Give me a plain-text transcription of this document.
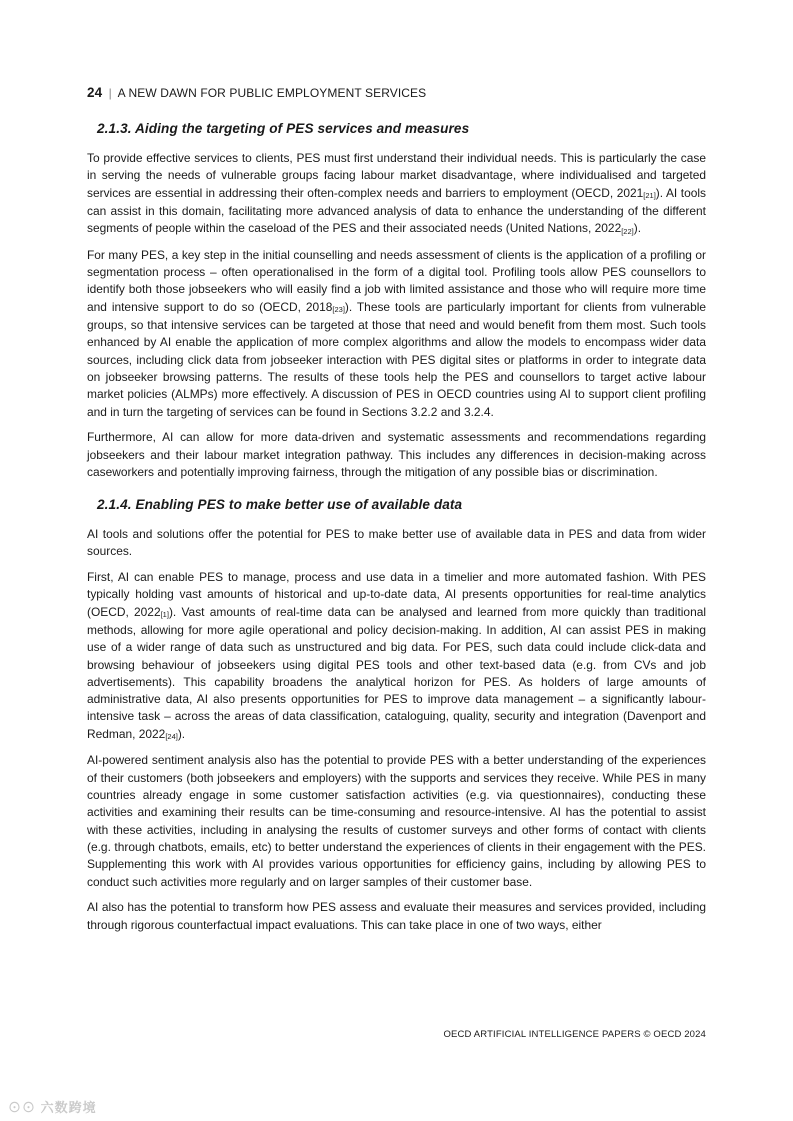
24 | A NEW DAWN FOR PUBLIC EMPLOYMENT SERVICES
2.1.3. Aiding the targeting of PES services and measures

To provide effective services to clients, PES must first understand their individual needs. This is particularly the case in serving the needs of vulnerable groups facing labour market disadvantage, where individualised and targeted services are essential in addressing their often-complex needs and barriers to employment (OECD, 2021[21]). AI tools can assist in this domain, facilitating more advanced analysis of data to enhance the understanding of the different segments of people within the caseload of the PES and their associated needs (United Nations, 2022[22]).

For many PES, a key step in the initial counselling and needs assessment of clients is the application of a profiling or segmentation process – often operationalised in the form of a digital tool. Profiling tools allow PES counsellors to identify both those jobseekers who will easily find a job with limited assistance and those who will require more time and intensive support to do so (OECD, 2018[23]). These tools are particularly important for clients from vulnerable groups, so that intensive services can be targeted at those that need and would benefit from them most. Such tools enhanced by AI enable the application of more complex algorithms and allow the models to encompass wider data sources, including click data from jobseeker interaction with PES digital sites or platforms in order to integrate data on jobseeker browsing patterns. The results of these tools help the PES and counsellors to target active labour market policies (ALMPs) more effectively. A discussion of PES in OECD countries using AI to support client profiling and in turn the targeting of services can be found in Sections 3.2.2 and 3.2.4.

Furthermore, AI can allow for more data-driven and systematic assessments and recommendations regarding jobseekers and their labour market integration pathway. This includes any differences in decision-making across caseworkers and potentially improving fairness, through the mitigation of any possible bias or discrimination.

2.1.4. Enabling PES to make better use of available data

AI tools and solutions offer the potential for PES to make better use of available data in PES and data from wider sources.

First, AI can enable PES to manage, process and use data in a timelier and more automated fashion. With PES typically holding vast amounts of historical and up-to-date data, AI presents opportunities for real-time analytics (OECD, 2022[1]). Vast amounts of real-time data can be analysed and learned from more quickly than traditional methods, allowing for more agile operational and policy decision-making. In addition, AI can assist PES in making use of a wider range of data such as unstructured and big data. For PES, such data could include click-data and browsing behaviour of jobseekers using digital PES tools and other text-based data (e.g. from CVs and job advertisements). This capability broadens the analytical horizon for PES. As holders of large amounts of administrative data, AI also presents opportunities for PES to improve data management – a significantly labour-intensive task – across the areas of data classification, cataloguing, quality, security and integration (Davenport and Redman, 2022[24]).

AI-powered sentiment analysis also has the potential to provide PES with a better understanding of the experiences of their customers (both jobseekers and employers) with the supports and services they receive. While PES in many countries already engage in some customer satisfaction activities (e.g. via questionnaires), conducting these activities and examining their results can be time-consuming and resource-intensive. AI has the potential to assist with these activities, including in analysing the results of customer surveys and other forms of contact with clients (e.g. through chatbots, emails, etc) to better understand the experiences of clients in their engagement with the PES. Supplementing this work with AI provides various opportunities for efficiency gains, including by allowing PES to conduct such activities more regularly and on larger samples of their customer base.

AI also has the potential to transform how PES assess and evaluate their measures and services provided, including through rigorous counterfactual impact evaluations. This can take place in one of two ways, either

OECD ARTIFICIAL INTELLIGENCE PAPERS © OECD 2024
⊙⊙ 六数跨境
